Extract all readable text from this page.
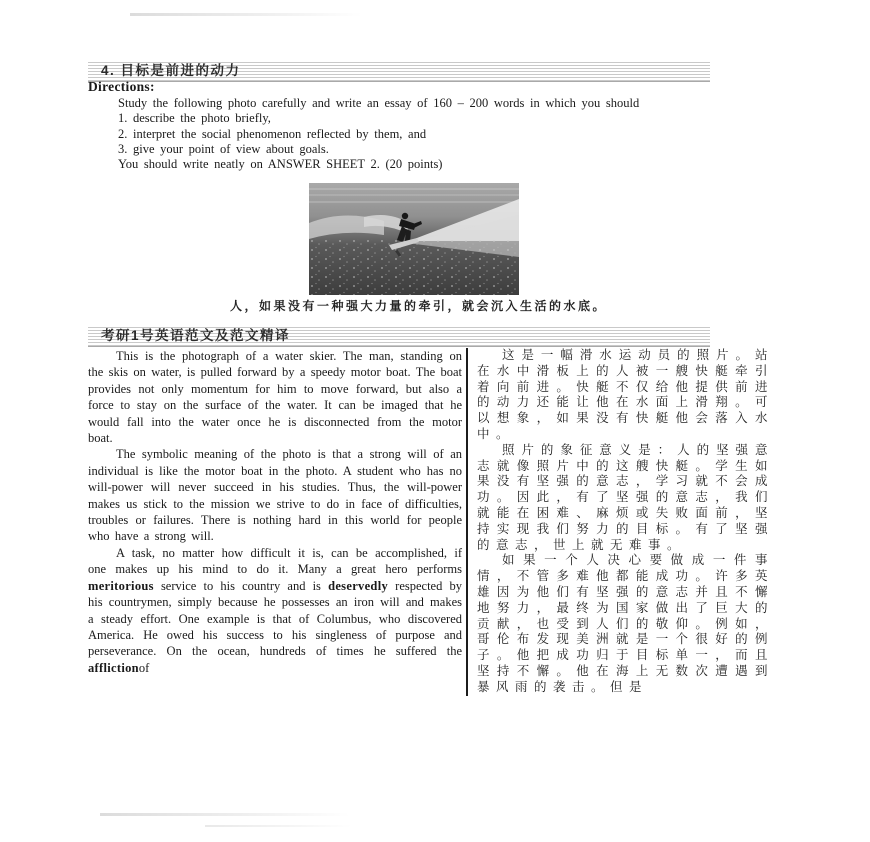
4. 目标是前进的动力
Directions:
Study the following photo carefully and write an essay of 160 – 200 words in which you should
1. describe the photo briefly,
2. interpret the social phenomenon reflected by them, and
3. give your point of view about goals.
You should write neatly on ANSWER SHEET 2. (20 points)
人，如果没有一种强大力量的牵引，就会沉入生活的水底。
考研1号英语范文及范文精译

This is the photograph of a water skier. The man, standing on the skis on water, is pulled forward by a speedy motor boat. The boat provides not only momentum for him to move forward, but also a force to stay on the surface of the water. It can be imaged that he would fall into the water once he is disconnected from the motor boat.

The symbolic meaning of the photo is that a strong will of an individual is like the motor boat in the photo. A student who has no will-power will never succeed in his studies. Thus, the will-power makes us stick to the mission we strive to do in face of difficulties, troubles or failures. There is nothing hard in this world for people who have a strong will.

A task, no matter how difficult it is, can be accomplished, if one makes up his mind to do it. Many a great hero performs meritorious service to his country and is deservedly respected by his countrymen, simply because he possesses an iron will and makes a steady effort. One example is that of Columbus, who discovered America. He owed his success to his singleness of purpose and perseverance. On the ocean, hundreds of times he suffered the afflictionof

这是一幅滑水运动员的照片。站在水中滑板上的人被一艘快艇牵引着向前进。快艇不仅给他提供前进的动力还能让他在水面上滑翔。可以想象，如果没有快艇他会落入水中。

照片的象征意义是：人的坚强意志就像照片中的这艘快艇。学生如果没有坚强的意志，学习就不会成功。因此，有了坚强的意志，我们就能在困难、麻烦或失败面前，坚持实现我们努力的目标。有了坚强的意志，世上就无难事。

如果一个人决心要做成一件事情，不管多难他都能成功。许多英雄因为他们有坚强的意志并且不懈地努力，最终为国家做出了巨大的贡献，也受到人们的敬仰。例如，哥伦布发现美洲就是一个很好的例子。他把成功归于目标单一，而且坚持不懈。他在海上无数次遭遇到暴风雨的袭击。但是
